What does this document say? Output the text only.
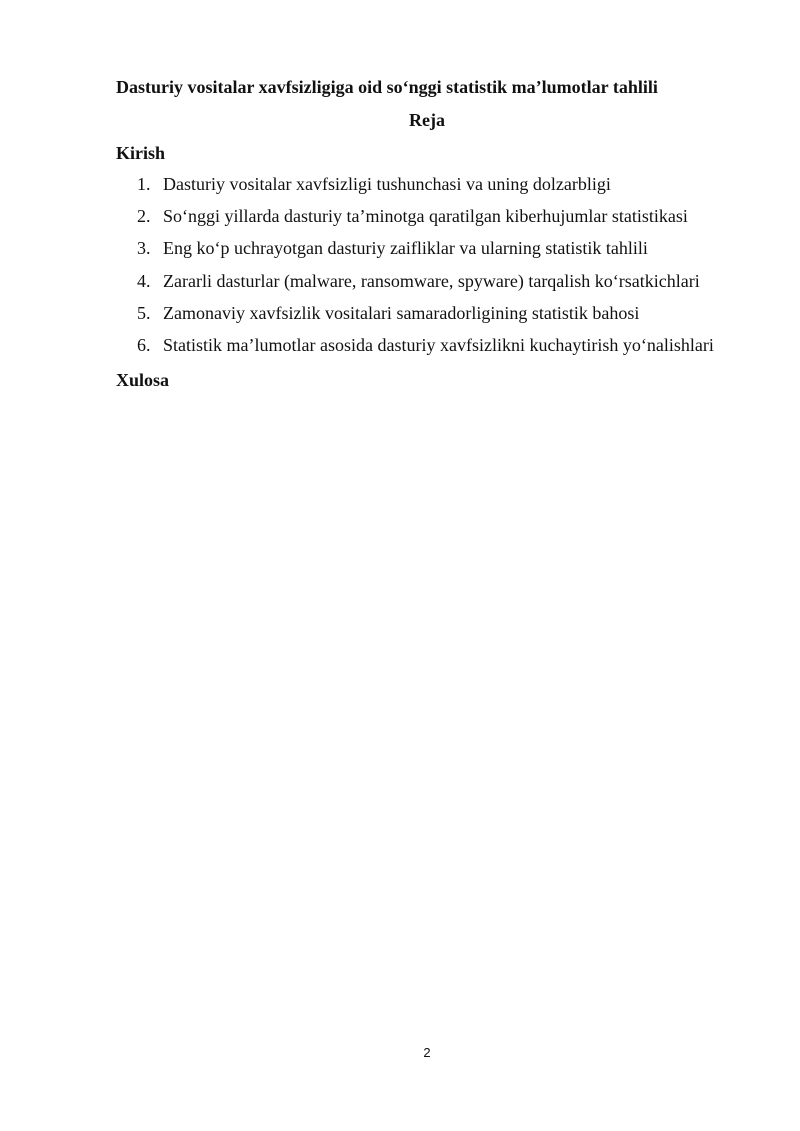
Dasturiy vositalar xavfsizligiga oid so‘nggi statistik ma’lumotlar tahlili
Reja
Kirish
1. Dasturiy vositalar xavfsizligi tushunchasi va uning dolzarbligi
2. So‘nggi yillarda dasturiy ta’minotga qaratilgan kiberhujumlar statistikasi
3. Eng ko‘p uchrayotgan dasturiy zaifliklar va ularning statistik tahlili
4. Zararli dasturlar (malware, ransomware, spyware) tarqalish ko‘rsatkichlari
5. Zamonaviy xavfsizlik vositalari samaradorligining statistik bahosi
6. Statistik ma’lumotlar asosida dasturiy xavfsizlikni kuchaytirish yo‘nalishlari
Xulosa
2
